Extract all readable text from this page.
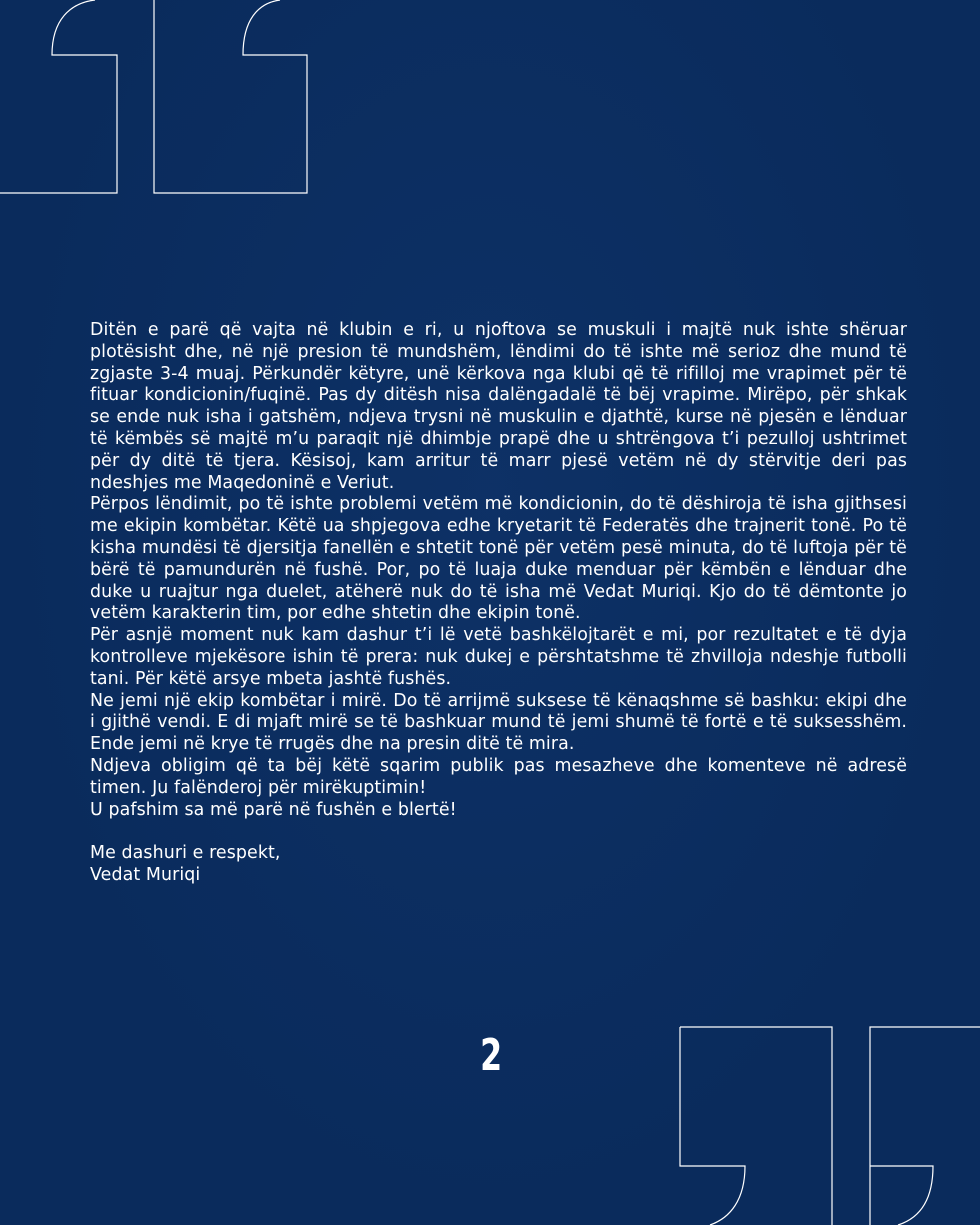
Ditën e parë që vajta në klubin e ri, u njoftova se muskuli i majtë nuk ishte shëruar plotësisht dhe, në një presion të mundshëm, lëndimi do të ishte më serioz dhe mund të zgjaste 3-4 muaj. Përkundër këtyre, unë kërkova nga klubi që të rifilloj me vrapimet për të fituar kondicionin/fuqinë. Pas dy ditësh nisa dalëngadalë të bëj vrapime. Mirëpo, për shkak se ende nuk isha i gatshëm, ndjeva trysni në muskulin e djathtë, kurse në pjesën e lënduar të këmbës së majtë m’u paraqit një dhimbje prapë dhe u shtrëngova t’i pezulloj ushtrimet për dy ditë të tjera. Kësisoj, kam arritur të marr pjesë vetëm në dy stërvitje deri pas ndeshjes me Maqedoninë e Veriut.

Përpos lëndimit, po të ishte problemi vetëm më kondicionin, do të dëshiroja të isha gjithsesi me ekipin kombëtar. Këtë ua shpjegova edhe kryetarit të Federatës dhe trajnerit tonë. Po të kisha mundësi të djersitja fanellën e shtetit tonë për vetëm pesë minuta, do të luftoja për të bërë të pamundurën në fushë. Por, po të luaja duke menduar për këmbën e lënduar dhe duke u ruajtur nga duelet, atëherë nuk do të isha më Vedat Muriqi. Kjo do të dëmtonte jo vetëm karakterin tim, por edhe shtetin dhe ekipin tonë.

Për asnjë moment nuk kam dashur t’i lë vetë bashkëlojtarët e mi, por rezultatet e të dyja kontrolleve mjekësore ishin të prera: nuk dukej e përshtatshme të zhvilloja ndeshje futbolli tani. Për këtë arsye mbeta jashtë fushës.

Ne jemi një ekip kombëtar i mirë. Do të arrijmë suksese të kënaqshme së bashku: ekipi dhe i gjithë vendi. E di mjaft mirë se të bashkuar mund të jemi shumë të fortë e të suksesshëm. Ende jemi në krye të rrugës dhe na presin ditë të mira.

Ndjeva obligim që ta bëj këtë sqarim publik pas mesazheve dhe komenteve në adresë timen. Ju falënderoj për mirëkuptimin!

U pafshim sa më parë në fushën e blertë!

Me dashuri e respekt,
Vedat Muriqi
2
